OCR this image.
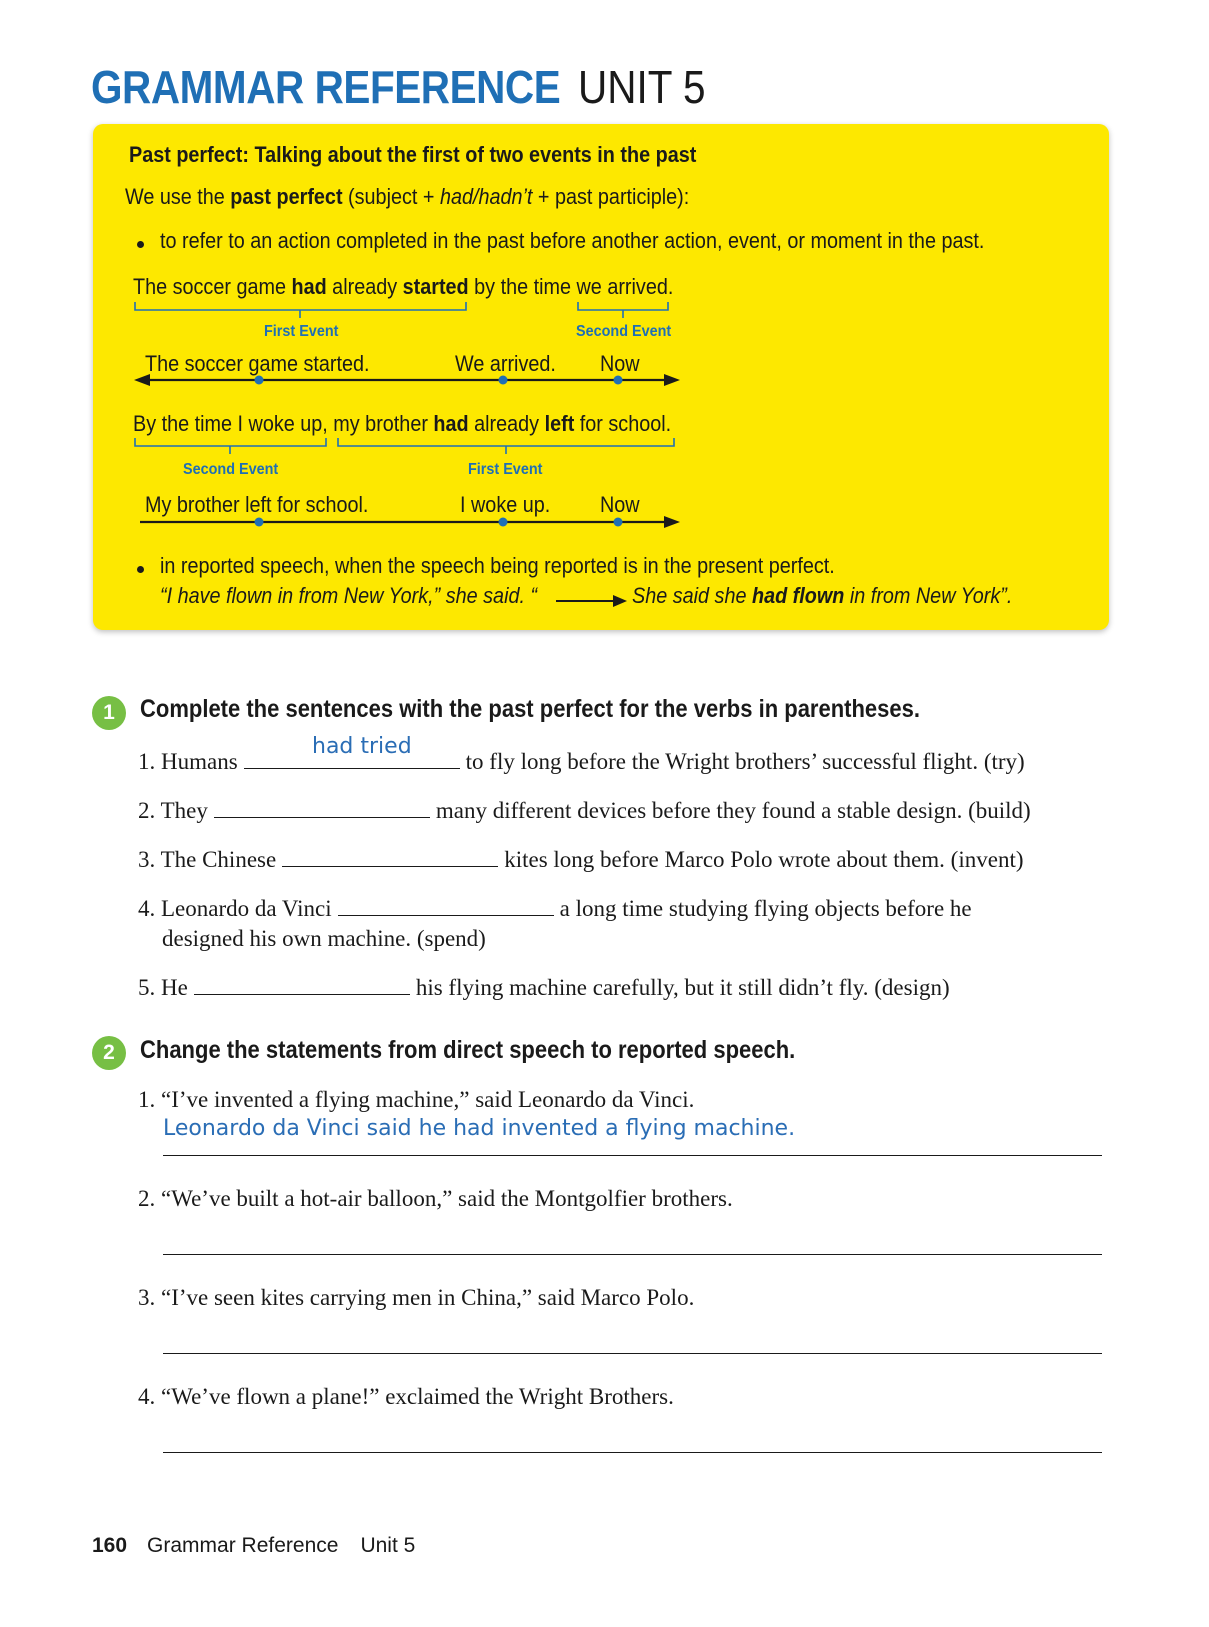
GRAMMAR REFERENCE UNIT 5
Past perfect: Talking about the first of two events in the past
We use the past perfect (subject + had/hadn’t + past participle):
to refer to an action completed in the past before another action, event, or moment in the past.
The soccer game had already started by the time we arrived.
First Event	Second Event
The soccer game started.	We arrived. Now
By the time I woke up, my brother had already left for school.
Second Event	First Event
My brother left for school.	I woke up. Now
in reported speech, when the speech being reported is in the present perfect.
“I have flown in from New York,” she said. “	She said she had flown in from New York”.
1	Complete the sentences with the past perfect for the verbs in parentheses.
1. Humans	to fly long before the Wright brothers’ successful flight. (try)
had tried
2. They	many different devices before they found a stable design. (build)
3. The Chinese	kites long before Marco Polo wrote about them. (invent)
4. Leonardo da Vinci	a long time studying flying objects before he
designed his own machine. (spend)
5. He	his flying machine carefully, but it still didn’t fly. (design)
2	Change the statements from direct speech to reported speech.
1. “I’ve invented a flying machine,” said Leonardo da Vinci.
Leonardo da Vinci said he had invented a flying machine.
2. “We’ve built a hot-air balloon,” said the Montgolfier brothers.
3. “I’ve seen kites carrying men in China,” said Marco Polo.
4. “We’ve flown a plane!” exclaimed the Wright Brothers.
160 Grammar Reference Unit 5
